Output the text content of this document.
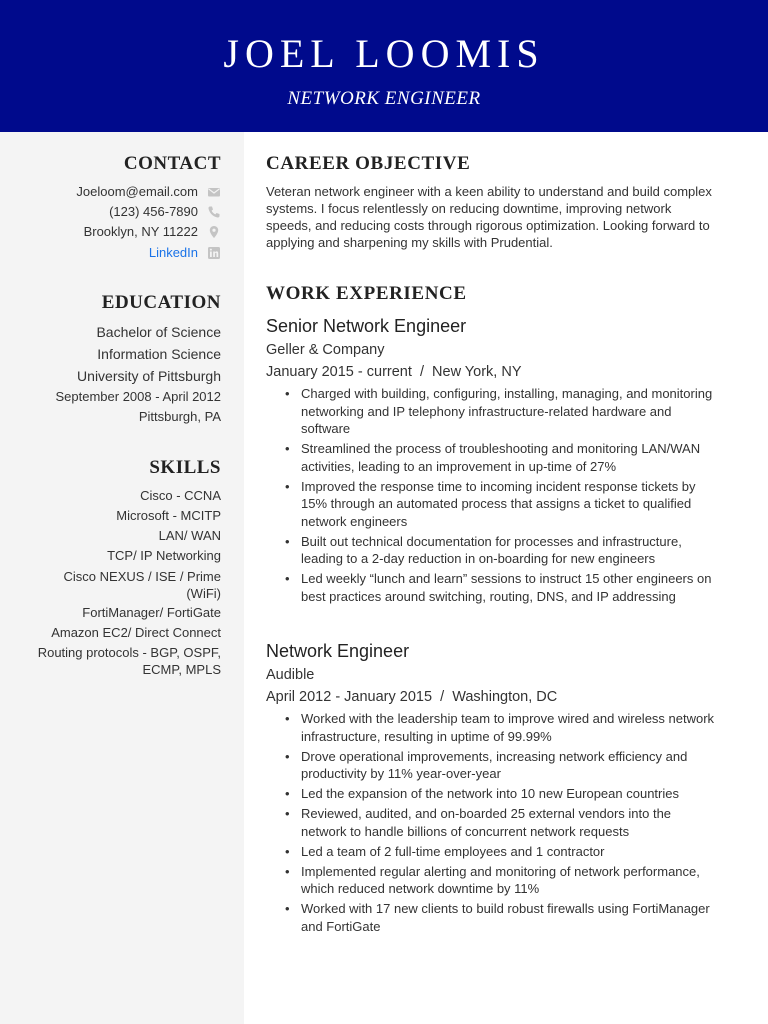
JOEL LOOMIS
NETWORK ENGINEER
CONTACT
Joeloom@email.com
(123) 456-7890
Brooklyn, NY 11222
LinkedIn
EDUCATION
Bachelor of Science
Information Science
University of Pittsburgh
September 2008 - April 2012
Pittsburgh, PA
SKILLS
Cisco - CCNA
Microsoft - MCITP
LAN/ WAN
TCP/ IP Networking
Cisco NEXUS / ISE / Prime (WiFi)
FortiManager/ FortiGate
Amazon EC2/ Direct Connect
Routing protocols - BGP, OSPF, ECMP, MPLS
CAREER OBJECTIVE
Veteran network engineer with a keen ability to understand and build complex systems. I focus relentlessly on reducing downtime, improving network speeds, and reducing costs through rigorous optimization. Looking forward to applying and sharpening my skills with Prudential.
WORK EXPERIENCE
Senior Network Engineer
Geller & Company
January 2015 - current  /  New York, NY
• Charged with building, configuring, installing, managing, and monitoring networking and IP telephony infrastructure-related hardware and software
• Streamlined the process of troubleshooting and monitoring LAN/WAN activities, leading to an improvement in up-time of 27%
• Improved the response time to incoming incident response tickets by 15% through an automated process that assigns a ticket to qualified network engineers
• Built out technical documentation for processes and infrastructure, leading to a 2-day reduction in on-boarding for new engineers
• Led weekly “lunch and learn” sessions to instruct 15 other engineers on best practices around switching, routing, DNS, and IP addressing
Network Engineer
Audible
April 2012 - January 2015  /  Washington, DC
• Worked with the leadership team to improve wired and wireless network infrastructure, resulting in uptime of 99.99%
• Drove operational improvements, increasing network efficiency and productivity by 11% year-over-year
• Led the expansion of the network into 10 new European countries
• Reviewed, audited, and on-boarded 25 external vendors into the network to handle billions of concurrent network requests
• Led a team of 2 full-time employees and 1 contractor
• Implemented regular alerting and monitoring of network performance, which reduced network downtime by 11%
• Worked with 17 new clients to build robust firewalls using FortiManager and FortiGate
